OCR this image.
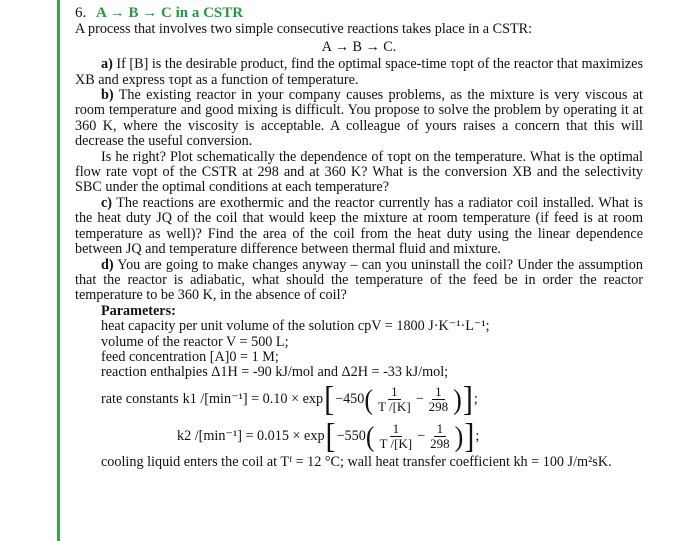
6. A → B → C in a CSTR
A process that involves two simple consecutive reactions takes place in a CSTR:
A → B → C.
a) If [B] is the desirable product, find the optimal space-time τopt of the reactor that maximizes XB and express τopt as a function of temperature.
b) The existing reactor in your company causes problems, as the mixture is very viscous at room temperature and good mixing is difficult. You propose to solve the problem by operating it at 360 K, where the viscosity is acceptable. A colleague of yours raises a concern that this will decrease the useful conversion.
Is he right? Plot schematically the dependence of τopt on the temperature. What is the optimal flow rate vopt of the CSTR at 298 and at 360 K? What is the conversion XB and the selectivity SBC under the optimal conditions at each temperature?
c) The reactions are exothermic and the reactor currently has a radiator coil installed. What is the heat duty JQ of the coil that would keep the mixture at room temperature (if feed is at room temperature as well)? Find the area of the coil from the heat duty using the linear dependence between JQ and temperature difference between thermal fluid and mixture.
d) You are going to make changes anyway – can you uninstall the coil? Under the assumption that the reactor is adiabatic, what should the temperature of the feed be in order the reactor temperature to be 360 K, in the absence of coil?
Parameters:
heat capacity per unit volume of the solution cpV = 1800 J·K⁻¹·L⁻¹;
volume of the reactor V = 500 L;
feed concentration [A]0 = 1 M;
reaction enthalpies Δ1H = -90 kJ/mol and Δ2H = -33 kJ/mol;
rate constants k1 /[min⁻¹] = 0.10 × exp [ −450 ( $\frac{1}{T /[K]} - \frac{1}{298}$ ) ] ;
k2 /[min⁻¹] = 0.015 × exp [ −550 ( $\frac{1}{T /[K]} - \frac{1}{298}$ ) ] ;
cooling liquid enters the coil at Tᶠ = 12 °C; wall heat transfer coefficient kh = 100 J/m²sK.
